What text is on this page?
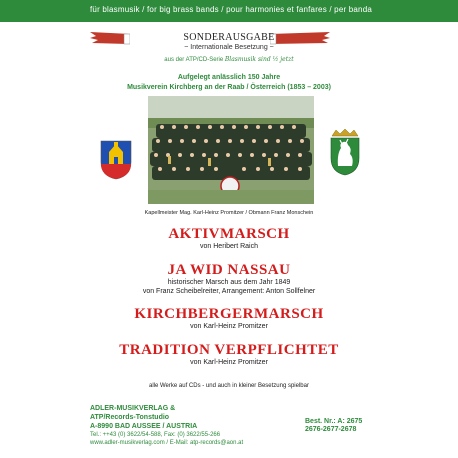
für blasmusik / for big brass bands / pour harmonies et fanfares / per banda
SONDERAUSGABE
~ Internationale Besetzung ~
aus der ATP/CD-Serie Blasmusik sind ½ jetzt
Aufgelegt anlässlich 150 Jahre
Musikverein Kirchberg an der Raab / Österreich (1853 – 2003)
Kapellmeister Mag. Karl-Heinz Promitzer / Obmann Franz Monschein
AKTIVMARSCH
von Heribert Raich
JA WID NASSAU
historischer Marsch aus dem Jahr 1849
von Franz Scheibelreiter, Arrangement: Anton Sollfelner
KIRCHBERGERMARSCH
von Karl-Heinz Promitzer
TRADITION VERPFLICHTET
von Karl-Heinz Promitzer
alle Werke auf CDs - und auch in kleiner Besetzung spielbar
ADLER-MUSIKVERLAG &
ATP/Records-Tonstudio
A-8990 BAD AUSSEE / AUSTRIA
Tel.: ++43 (0) 3622/54-588, Fax: (0) 3622/55-266
www.adler-musikverlag.com / E-Mail: atp-records@aon.at
Best. Nr.: A: 2675
2676-2677-2678
